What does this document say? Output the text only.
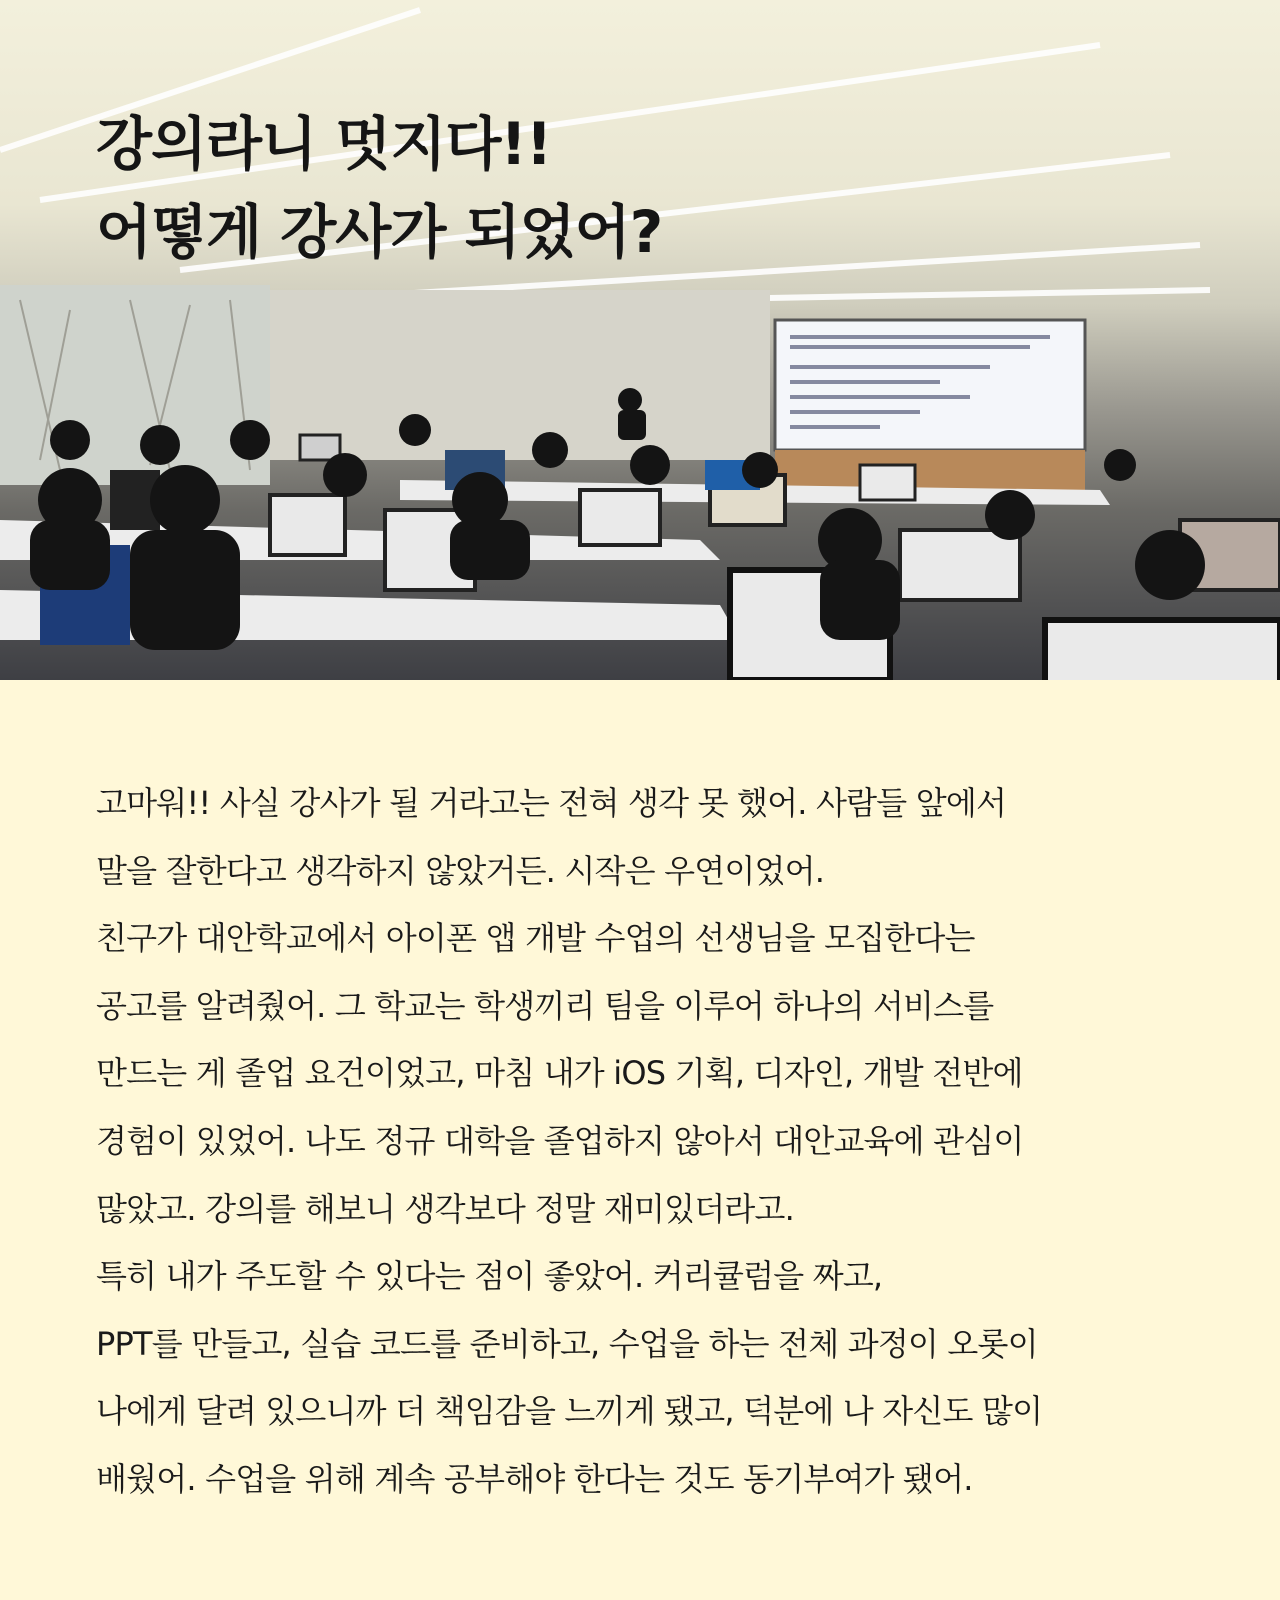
강의라니 멋지다!!
어떻게 강사가 되었어?

고마워!! 사실 강사가 될 거라고는 전혀 생각 못 했어. 사람들 앞에서

말을 잘한다고 생각하지 않았거든. 시작은 우연이었어.

친구가 대안학교에서 아이폰 앱 개발 수업의 선생님을 모집한다는

공고를 알려줬어. 그 학교는 학생끼리 팀을 이루어 하나의 서비스를

만드는 게 졸업 요건이었고, 마침 내가 iOS 기획, 디자인, 개발 전반에

경험이 있었어. 나도 정규 대학을 졸업하지 않아서 대안교육에 관심이

많았고. 강의를 해보니 생각보다 정말 재미있더라고.

특히 내가 주도할 수 있다는 점이 좋았어. 커리큘럼을 짜고,

PPT를 만들고, 실습 코드를 준비하고, 수업을 하는 전체 과정이 오롯이

나에게 달려 있으니까 더 책임감을 느끼게 됐고, 덕분에 나 자신도 많이

배웠어. 수업을 위해 계속 공부해야 한다는 것도 동기부여가 됐어.
